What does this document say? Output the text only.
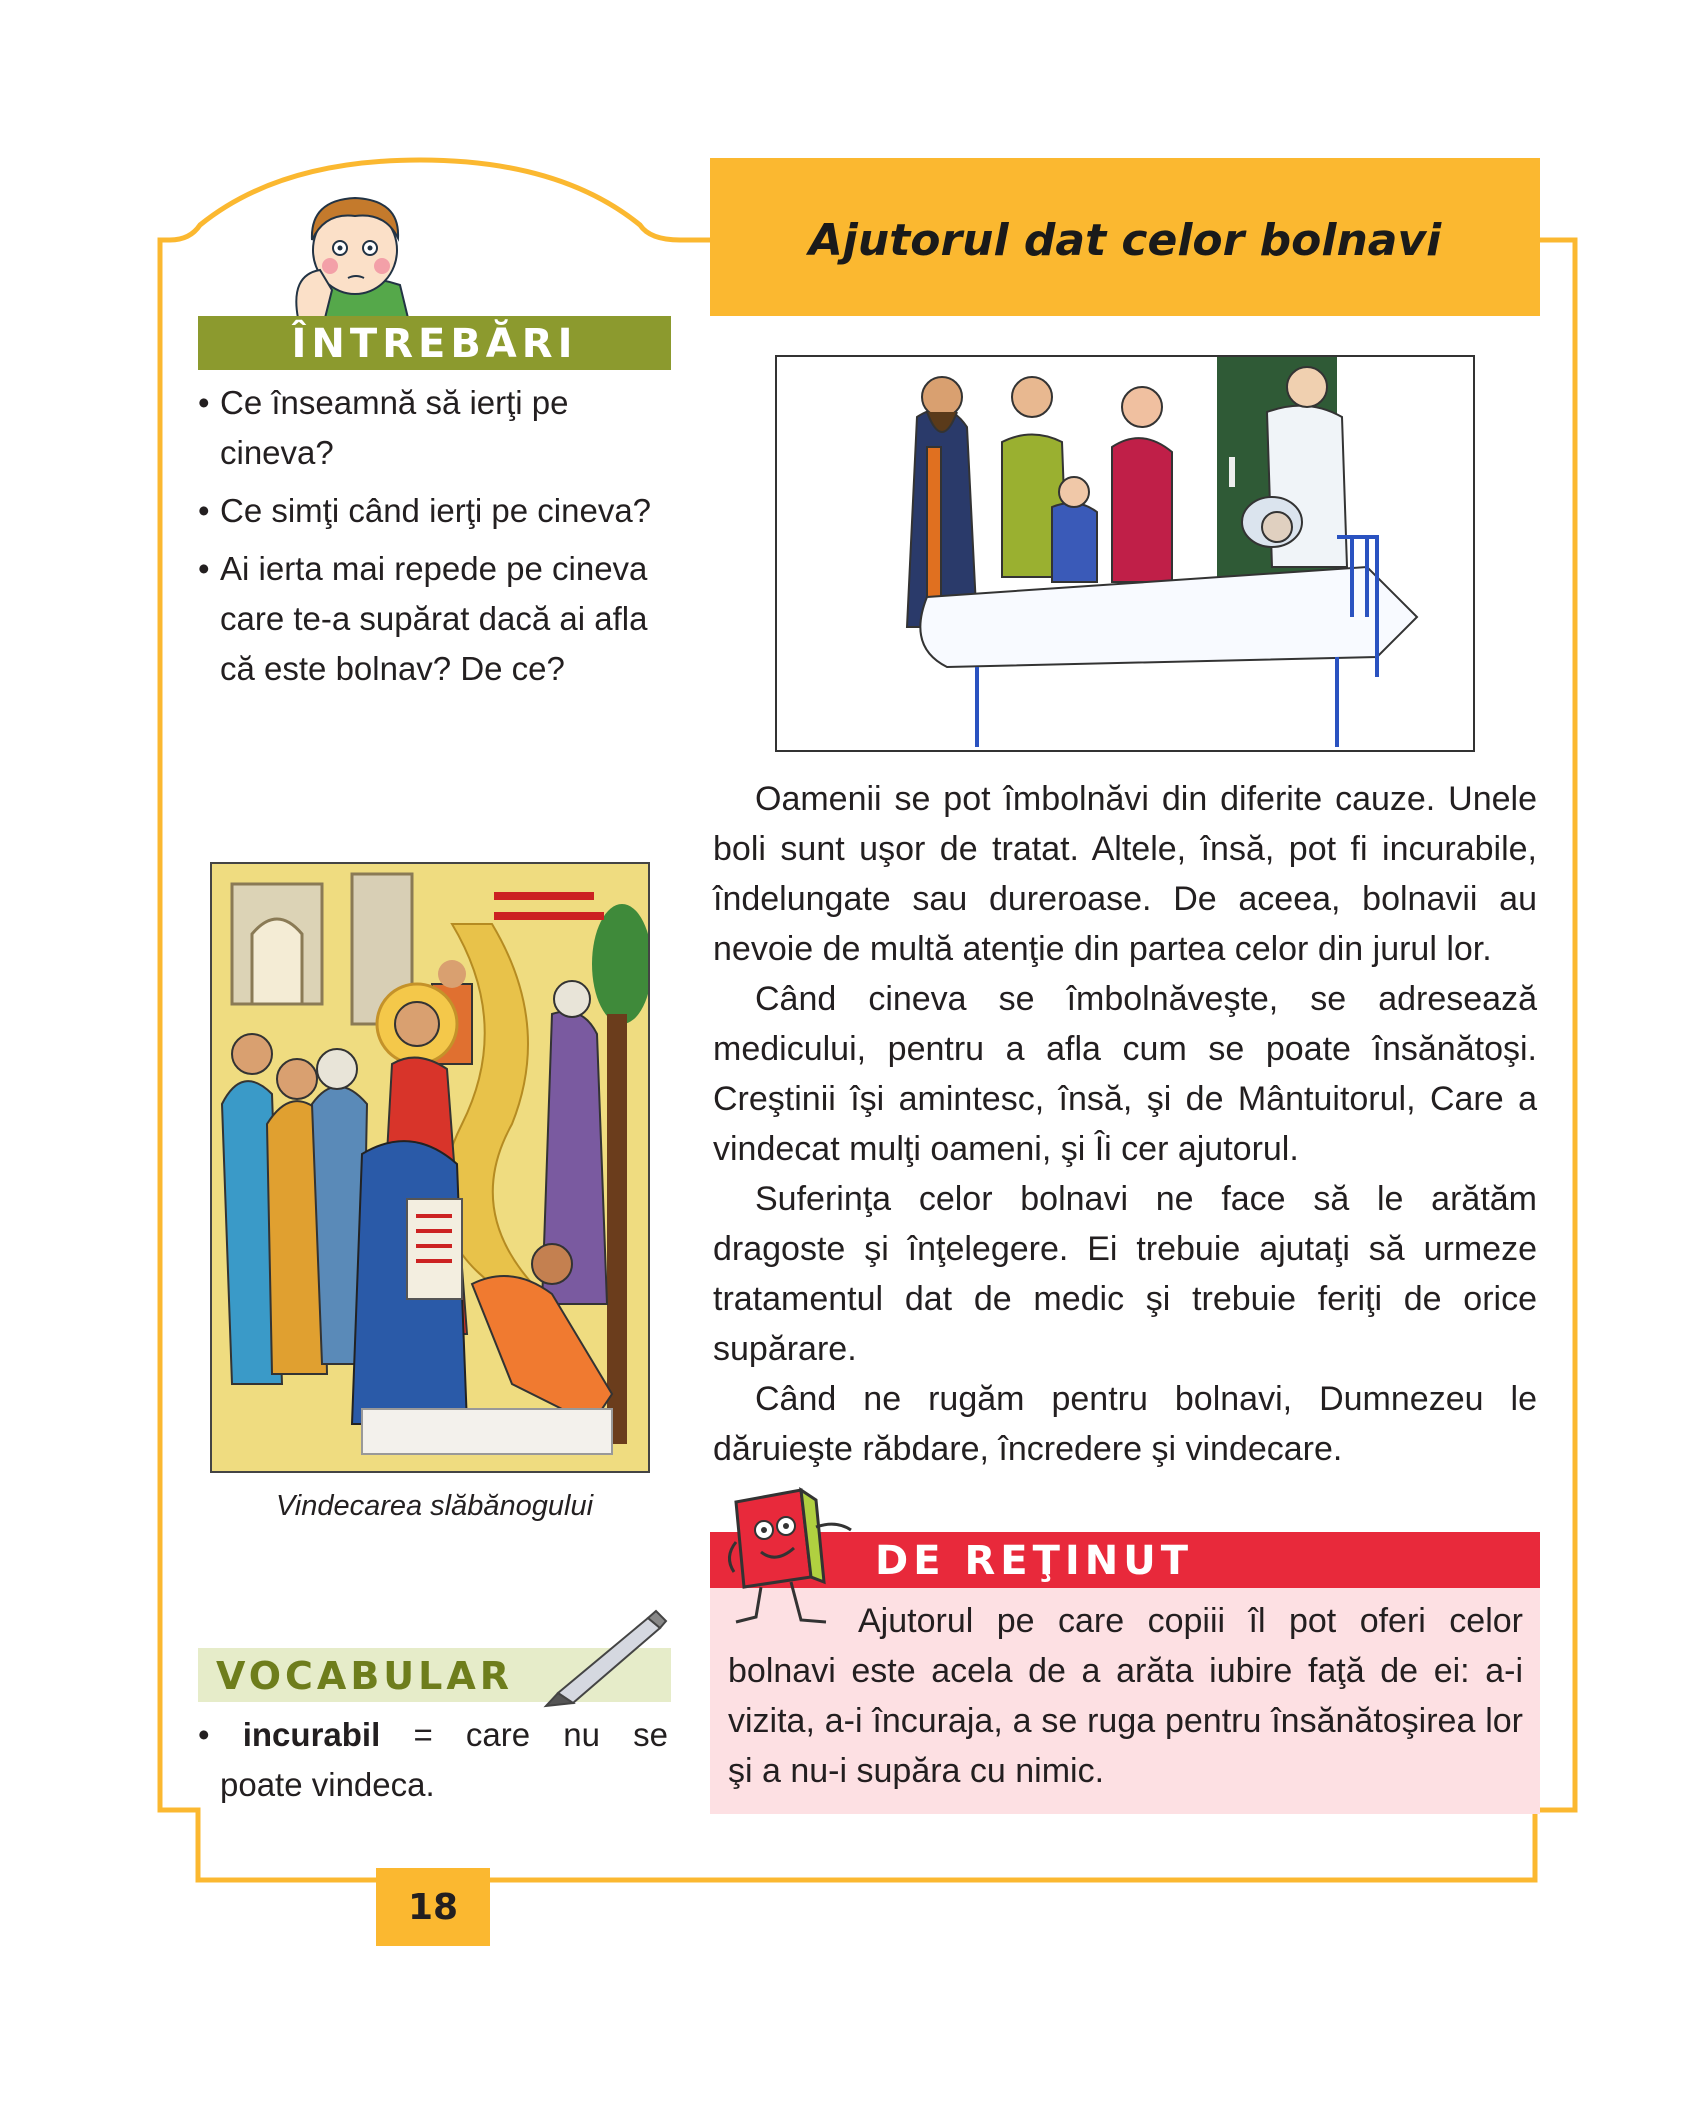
ÎNTREBĂRI
• Ce înseamnă să ierţi pe cineva?
• Ce simţi când ierţi pe cineva?
• Ai ierta mai repede pe cineva care te-a supărat dacă ai afla că este bolnav? De ce?
Vindecarea slăbănogului
VOCABULAR
• incurabil = care nu se
poate vindeca.
18
Ajutorul dat celor bolnavi

Oamenii se pot îmbolnăvi din diferite cauze. Unele boli sunt uşor de tratat. Altele, însă, pot fi incurabile, îndelungate sau dureroase. De aceea, bolnavii au nevoie de multă atenţie din partea celor din jurul lor.

Când cineva se îmbolnăveşte, se adresează medicului, pentru a afla cum se poate însănătoşi. Creştinii îşi amintesc, însă, şi de Mântuitorul, Care a vindecat mulţi oameni, şi Îi cer ajutorul.

Suferinţa celor bolnavi ne face să le arătăm dragoste şi înţelegere. Ei trebuie ajutaţi să urmeze tratamentul dat de medic şi trebuie feriţi de orice supărare.

Când ne rugăm pentru bolnavi, Dumnezeu le dăruieşte răbdare, încredere şi vindecare.

DE REŢINUT
Ajutorul pe care copiii îl pot oferi celor bolnavi este acela de a arăta iubire faţă de ei: a-i vizita, a-i încuraja, a se ruga pentru însănătoşirea lor şi a nu-i supăra cu nimic.
